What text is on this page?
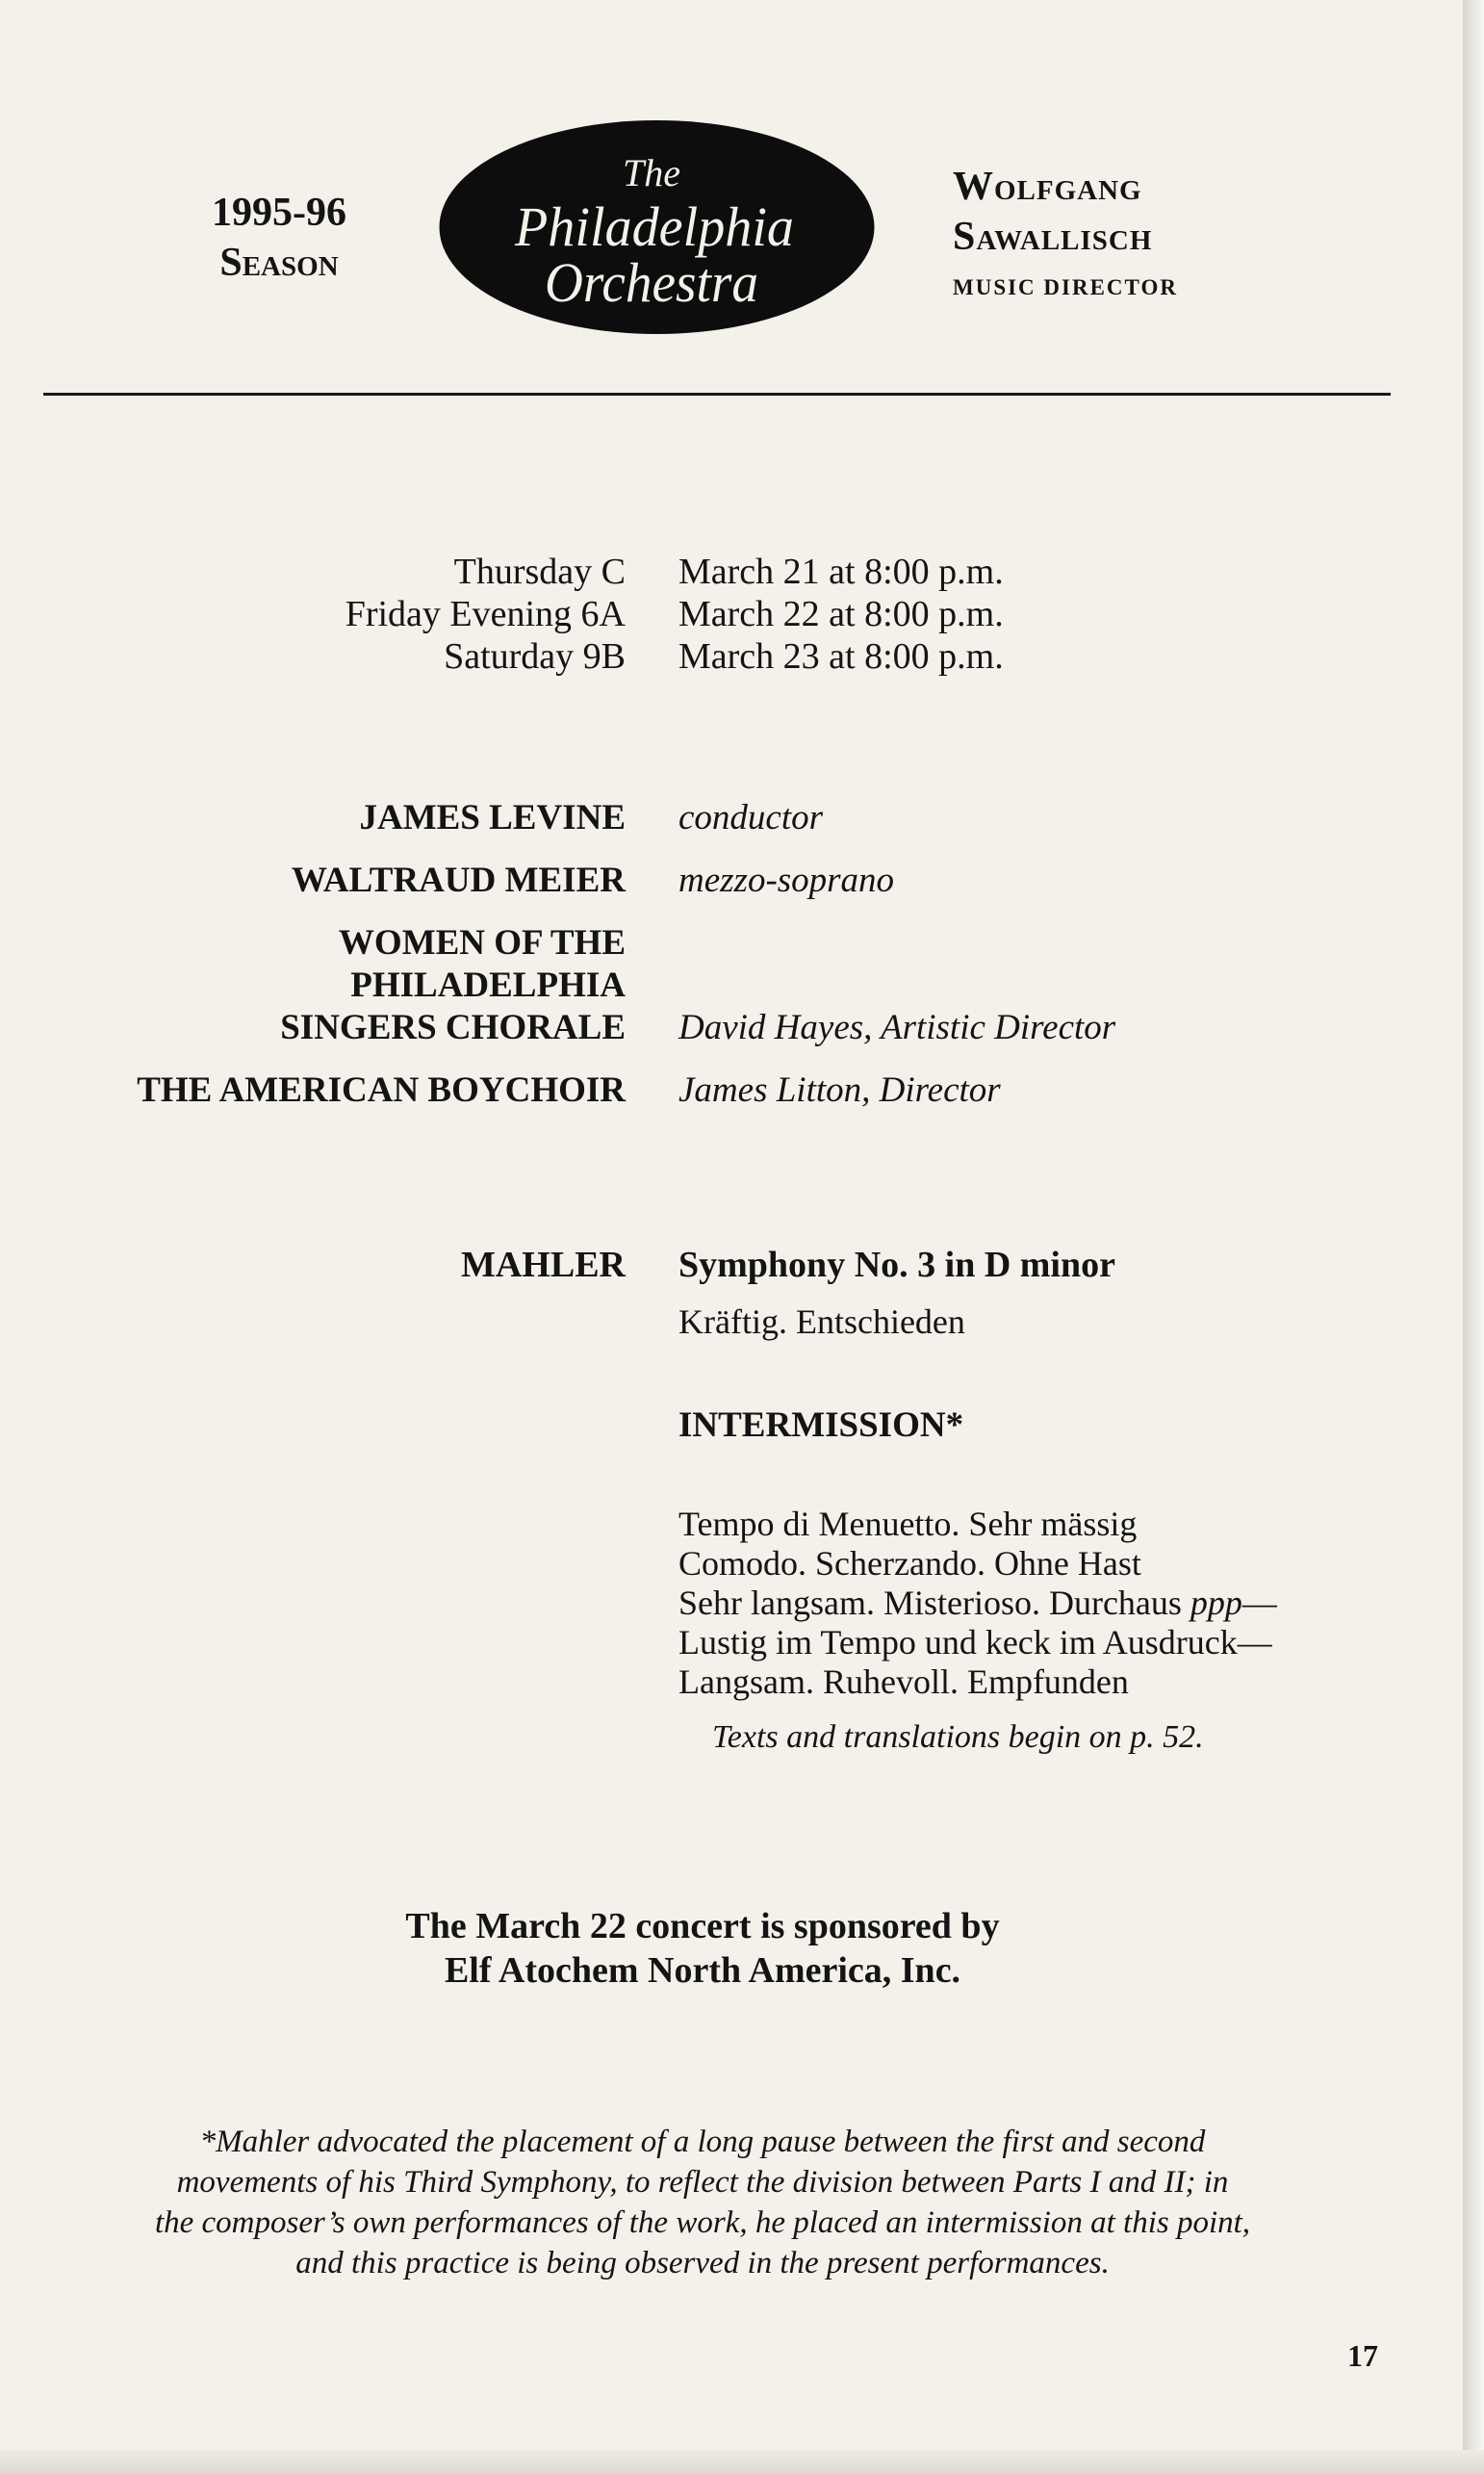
1995-96
Season
The
Philadelphia
Orchestra
Wolfgang
Sawallisch
MUSIC DIRECTOR
Thursday C March 21 at 8:00 p.m.
Friday Evening 6A March 22 at 8:00 p.m.
Saturday 9B March 23 at 8:00 p.m.
JAMES LEVINE conductor
WALTRAUD MEIER mezzo-soprano
WOMEN OF THE
PHILADELPHIA
SINGERS CHORALE David Hayes, Artistic Director
THE AMERICAN BOYCHOIR James Litton, Director
MAHLER Symphony No. 3 in D minor
Kräftig. Entschieden
INTERMISSION*
Tempo di Menuetto. Sehr mässig
Comodo. Scherzando. Ohne Hast
Sehr langsam. Misterioso. Durchaus ppp—
Lustig im Tempo und keck im Ausdruck—
Langsam. Ruhevoll. Empfunden
Texts and translations begin on p. 52.
The March 22 concert is sponsored by
Elf Atochem North America, Inc.
*Mahler advocated the placement of a long pause between the first and second
movements of his Third Symphony, to reflect the division between Parts I and II; in
the composer’s own performances of the work, he placed an intermission at this point,
and this practice is being observed in the present performances.
17
